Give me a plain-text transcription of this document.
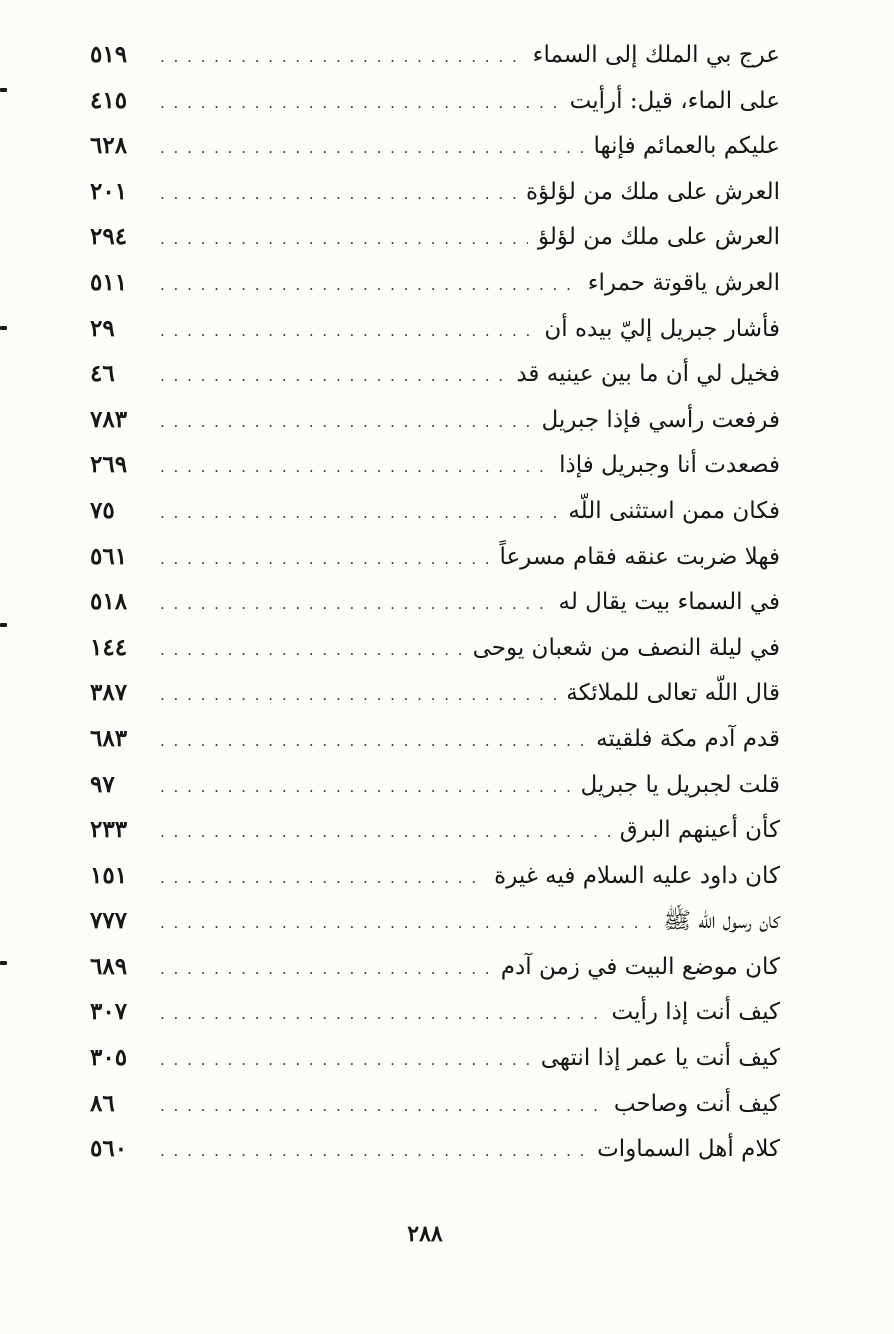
عرج بي الملك إلى السماء
. . .
٥١٩
على الماء، قيل: أرأيت
. . .
٤١٥
عليكم بالعمائم فإنها
. . .
٦٢٨
العرش على ملك من لؤلؤة
. . .
٢٠١
العرش على ملك من لؤلؤ
. . .
٢٩٤
العرش ياقوتة حمراء
. . .
٥١١
فأشار جبريل إليّ بيده أن
. . .
٢٩
فخيل لي أن ما بين عينيه قد
. . .
٤٦
فرفعت رأسي فإذا جبريل
. . .
٧٨٣
فصعدت أنا وجبريل فإذا
. . .
٢٦٩
فكان ممن استثنى اللّه
. . .
٧٥
فهلا ضربت عنقه فقام مسرعاً
. . .
٥٦١
في السماء بيت يقال له
. . .
٥١٨
في ليلة النصف من شعبان يوحى
. . .
١٤٤
قال اللّه تعالى للملائكة
. . .
٣٨٧
قدم آدم مكة فلقيته
. . .
٦٨٣
قلت لجبريل يا جبريل
. . .
٩٧
كأن أعينهم البرق
. . .
٢٣٣
كان داود عليه السلام فيه غيرة
. . .
١٥١
كان رسول اللّه ﷺ
. . .
٧٧٧
كان موضع البيت في زمن آدم
. . .
٦٨٩
كيف أنت إذا رأيت
. . .
٣٠٧
كيف أنت يا عمر إذا انتهى
. . .
٣٠٥
كيف أنت وصاحب
. . .
٨٦
كلام أهل السماوات
. . .
٥٦٠
٢٨٨
